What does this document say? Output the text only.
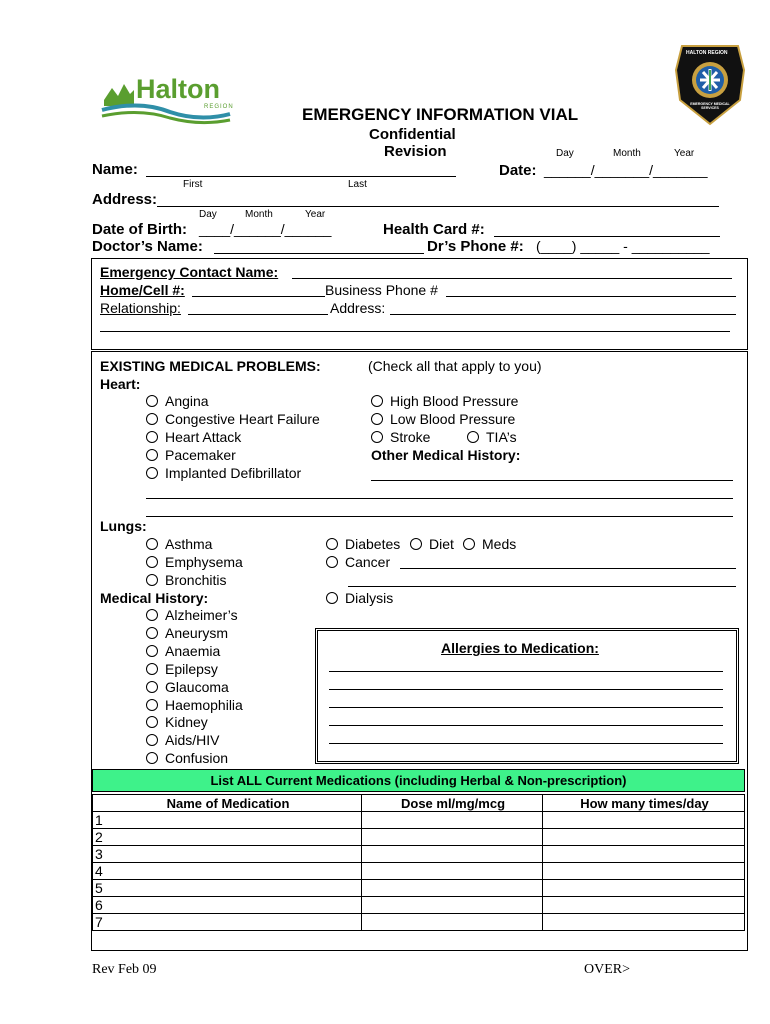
Halton
REGION
HALTON REGION
EMERGENCY MEDICAL SERVICES
EMERGENCY INFORMATION VIAL
Confidential
Revision	Day	Month	Year
Name:
First	Last
Date: ______/_______/_______
Address:
Day	Month	Year
Date of Birth: ____/______/______	Health Card #:
Doctor’s Name:	Dr’s Phone #: (____) _____ - __________
Emergency Contact Name:
Home/Cell #:	Business Phone #
Relationship:	Address:
EXISTING MEDICAL PROBLEMS:	(Check all that apply to you)
Heart:
Angina
Congestive Heart Failure
Heart Attack
Pacemaker
Implanted Defibrillator
High Blood Pressure
Low Blood Pressure
Stroke	TIA’s
Other Medical History:
Lungs:
Asthma
Emphysema
Bronchitis
Diabetes	Diet	Meds
Cancer
Dialysis
Medical History:
Alzheimer’s
Aneurysm
Anaemia
Epilepsy
Glaucoma
Haemophilia
Kidney
Aids/HIV
Confusion
Allergies to Medication:
List ALL Current Medications (including Herbal & Non-prescription)
Name of Medication	Dose ml/mg/mcg	How many times/day
1		
2		
3		
4		
5		
6		
7		
Rev Feb 09	OVER>
